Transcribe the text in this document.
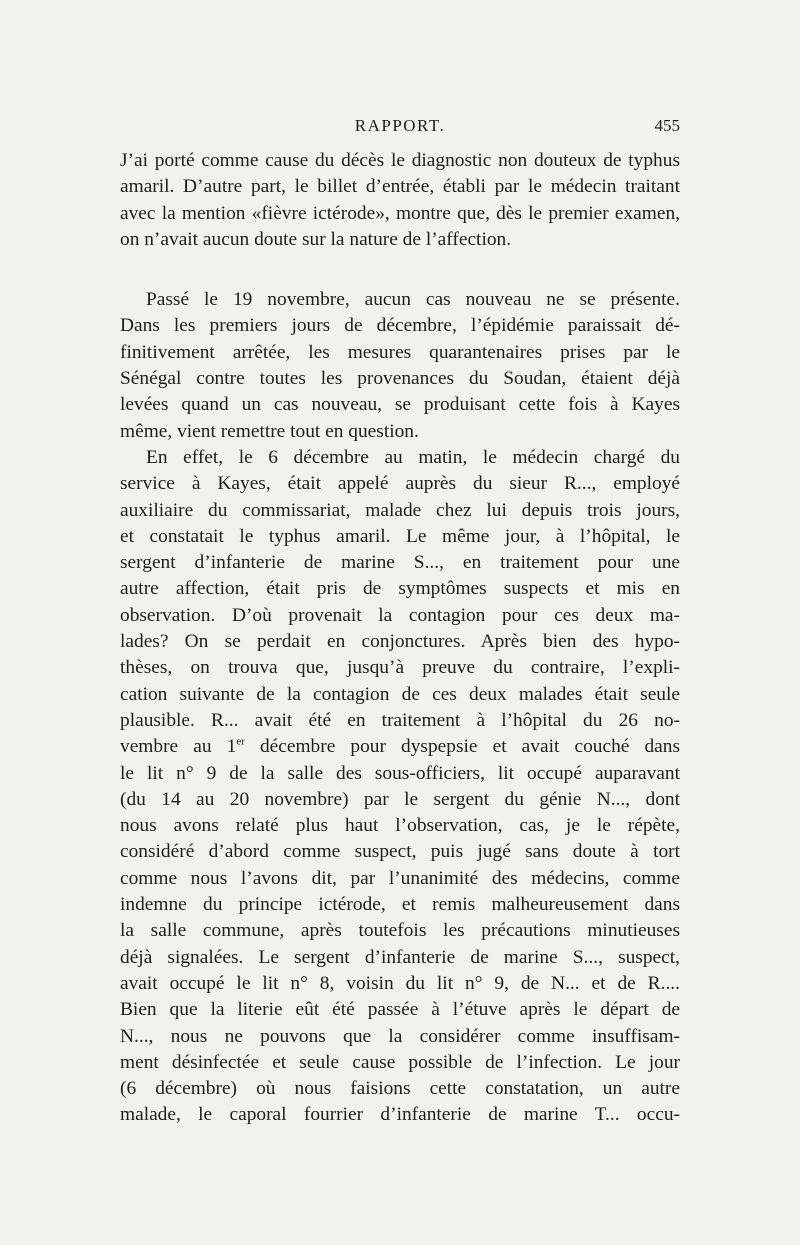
RAPPORT.	455
J’ai porté comme cause du décès le diagnostic non douteux de typhus
amaril. D’autre part, le billet d’entrée, établi par le médecin traitant
avec la mention «fièvre ictérode», montre que, dès le premier examen,
on n’avait aucun doute sur la nature de l’affection.
Passé le 19 novembre, aucun cas nouveau ne se présente.
Dans les premiers jours de décembre, l’épidémie paraissait dé-
finitivement arrêtée, les mesures quarantenaires prises par le
Sénégal contre toutes les provenances du Soudan, étaient déjà
levées quand un cas nouveau, se produisant cette fois à Kayes
même, vient remettre tout en question.
En effet, le 6 décembre au matin, le médecin chargé du
service à Kayes, était appelé auprès du sieur R..., employé
auxiliaire du commissariat, malade chez lui depuis trois jours,
et constatait le typhus amaril. Le même jour, à l’hôpital, le
sergent d’infanterie de marine S..., en traitement pour une
autre affection, était pris de symptômes suspects et mis en
observation. D’où provenait la contagion pour ces deux ma-
lades? On se perdait en conjonctures. Après bien des hypo-
thèses, on trouva que, jusqu’à preuve du contraire, l’expli-
cation suivante de la contagion de ces deux malades était seule
plausible. R... avait été en traitement à l’hôpital du 26 no-
vembre au 1er décembre pour dyspepsie et avait couché dans
le lit n° 9 de la salle des sous-officiers, lit occupé auparavant
(du 14 au 20 novembre) par le sergent du génie N..., dont
nous avons relaté plus haut l’observation, cas, je le répète,
considéré d’abord comme suspect, puis jugé sans doute à tort
comme nous l’avons dit, par l’unanimité des médecins, comme
indemne du principe ictérode, et remis malheureusement dans
la salle commune, après toutefois les précautions minutieuses
déjà signalées. Le sergent d’infanterie de marine S..., suspect,
avait occupé le lit n° 8, voisin du lit n° 9, de N... et de R....
Bien que la literie eût été passée à l’étuve après le départ de
N..., nous ne pouvons que la considérer comme insuffisam-
ment désinfectée et seule cause possible de l’infection. Le jour
(6 décembre) où nous faisions cette constatation, un autre
malade, le caporal fourrier d’infanterie de marine T... occu-
